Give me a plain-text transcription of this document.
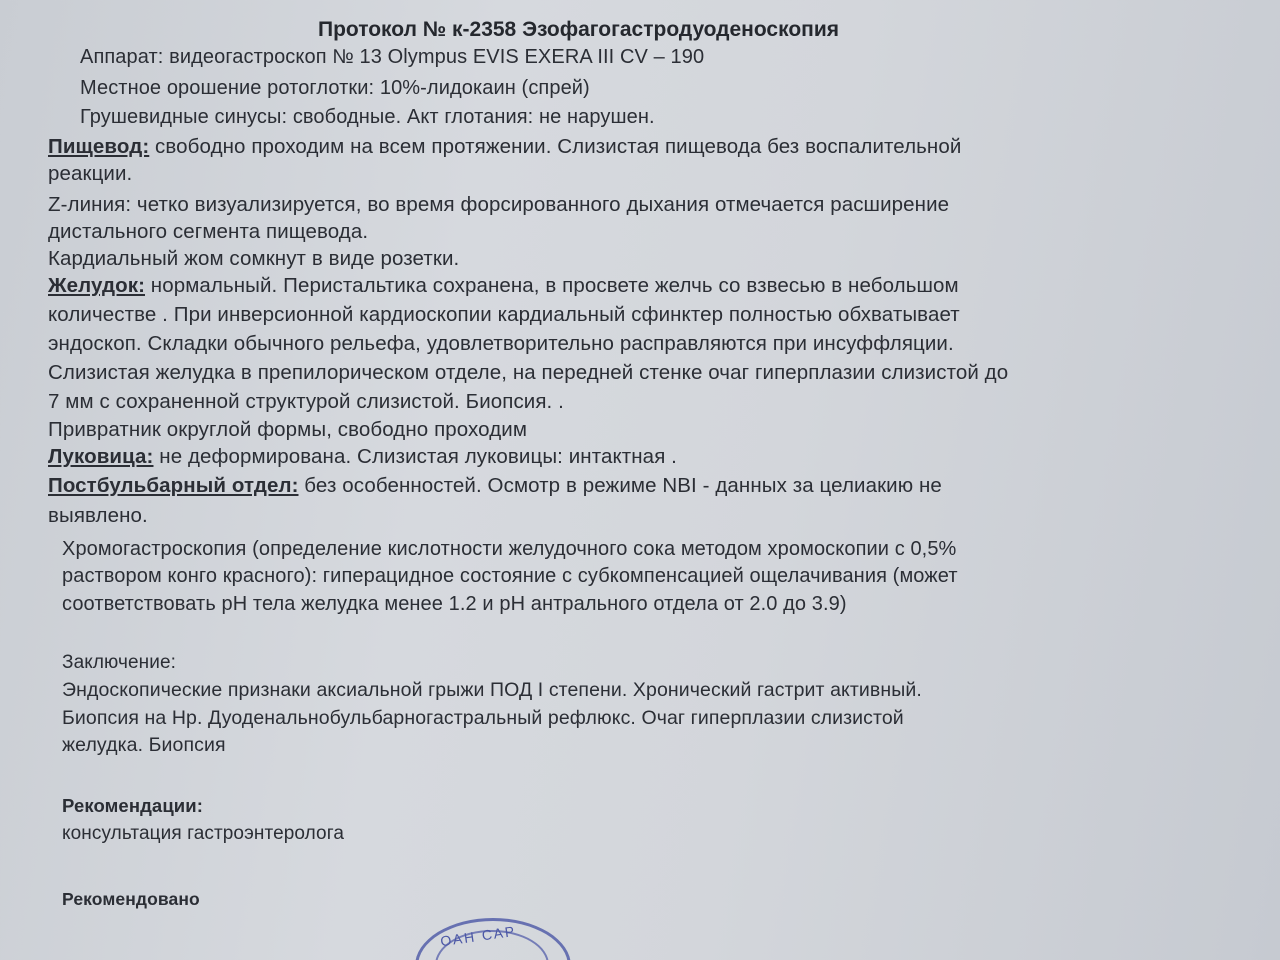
Протокол № к-2358 Эзофагогастродуоденоскопия
Аппарат: видеогастроскоп № 13 Olympus EVIS EXERA III CV – 190
Местное орошение ротоглотки: 10%-лидокаин (спрей)
Грушевидные синусы: свободные. Акт глотания: не нарушен.
Пищевод: свободно проходим на всем протяжении. Слизистая пищевода без воспалительной
реакции.
Z-линия: четко визуализируется, во время форсированного дыхания отмечается расширение
дистального сегмента пищевода.
Кардиальный жом сомкнут в виде розетки.
Желудок: нормальный. Перистальтика сохранена, в просвете желчь со взвесью в небольшом
количестве . При инверсионной кардиоскопии кардиальный сфинктер полностью обхватывает
эндоскоп. Складки обычного рельефа, удовлетворительно расправляются при инсуффляции.
Слизистая желудка в препилорическом отделе, на передней стенке очаг гиперплазии слизистой до
7 мм с сохраненной структурой слизистой. Биопсия. .
Привратник округлой формы, свободно проходим
Луковица: не деформирована. Слизистая луковицы: интактная .
Постбульбарный отдел: без особенностей. Осмотр в режиме NBI - данных за целиакию не
выявлено.
Хромогастроскопия (определение кислотности желудочного сока методом хромоскопии с 0,5%
раствором конго красного): гиперацидное состояние с субкомпенсацией ощелачивания (может
соответствовать pH тела желудка менее 1.2 и pH антрального отдела от 2.0 до 3.9)
Заключение:
Эндоскопические признаки аксиальной грыжи ПОД I степени. Хронический гастрит активный.
Биопсия на Hp. Дуоденальнобульбарногастральный рефлюкс. Очаг гиперплазии слизистой
желудка. Биопсия
Рекомендации:
консультация гастроэнтеролога
Рекомендовано
ОАН САР
